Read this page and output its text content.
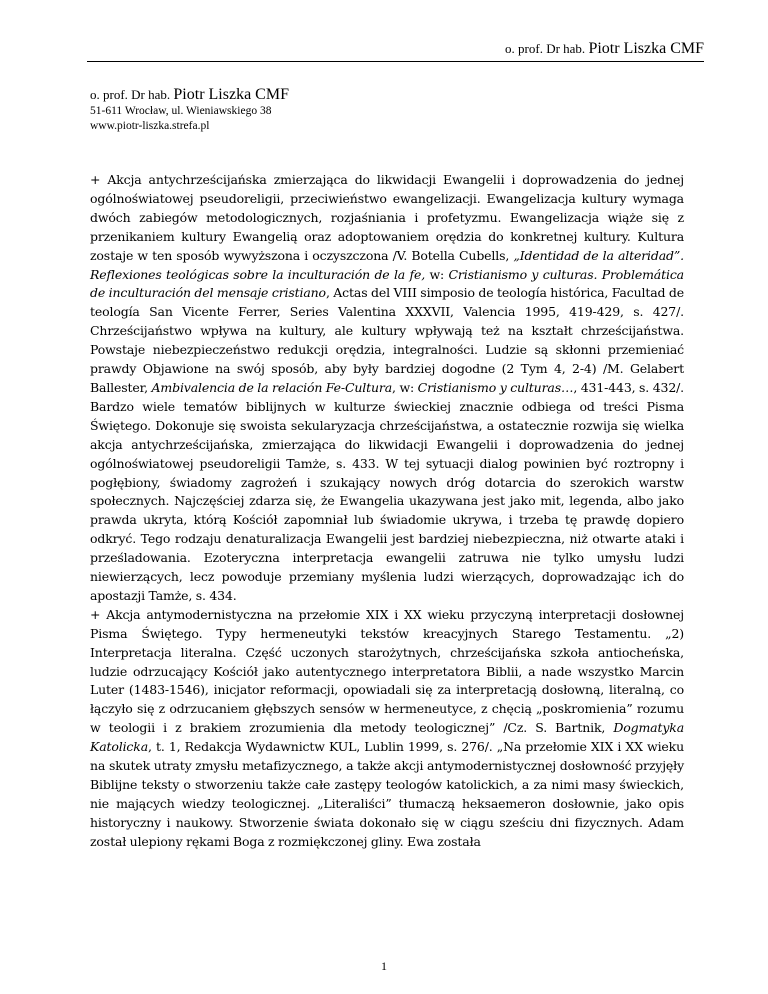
o. prof. Dr hab. Piotr Liszka CMF
o. prof. Dr hab. Piotr Liszka CMF
51-611 Wrocław, ul. Wieniawskiego 38
www.piotr-liszka.strefa.pl

+ Akcja antychrześcijańska zmierzająca do likwidacji Ewangelii i doprowadzenia do jednej ogólnoświatowej pseudoreligii, przeciwieństwo ewangelizacji. Ewangelizacja kultury wymaga dwóch zabiegów metodologicznych, rozjaśniania i profetyzmu. Ewangelizacja wiąże się z przenikaniem kultury Ewangelią oraz adoptowaniem orędzia do konkretnej kultury. Kultura zostaje w ten sposób wywyższona i oczyszczona /V. Botella Cubells, „Identidad de la alteridad”. Reflexiones teológicas sobre la inculturación de la fe, w: Cristianismo y culturas. Problemática de inculturación del mensaje cristiano, Actas del VIII simposio de teología histórica, Facultad de teología San Vicente Ferrer, Series Valentina XXXVII, Valencia 1995, 419-429, s. 427/. Chrześcijaństwo wpływa na kultury, ale kultury wpływają też na kształt chrześcijaństwa. Powstaje niebezpieczeństwo redukcji orędzia, integralności. Ludzie są skłonni przemieniać prawdy Objawione na swój sposób, aby były bardziej dogodne (2 Tym 4, 2-4) /M. Gelabert Ballester, Ambivalencia de la relación Fe-Cultura, w: Cristianismo y culturas…, 431-443, s. 432/. Bardzo wiele tematów biblijnych w kulturze świeckiej znacznie odbiega od treści Pisma Świętego. Dokonuje się swoista sekularyzacja chrześcijaństwa, a ostatecznie rozwija się wielka akcja antychrześcijańska, zmierzająca do likwidacji Ewangelii i doprowadzenia do jednej ogólnoświatowej pseudoreligii Tamże, s. 433. W tej sytuacji dialog powinien być roztropny i pogłębiony, świadomy zagrożeń i szukający nowych dróg dotarcia do szerokich warstw społecznych. Najczęściej zdarza się, że Ewangelia ukazywana jest jako mit, legenda, albo jako prawda ukryta, którą Kościół zapomniał lub świadomie ukrywa, i trzeba tę prawdę dopiero odkryć. Tego rodzaju denaturalizacja Ewangelii jest bardziej niebezpieczna, niż otwarte ataki i prześladowania. Ezoteryczna interpretacja ewangelii zatruwa nie tylko umysłu ludzi niewierzących, lecz powoduje przemiany myślenia ludzi wierzących, doprowadzając ich do apostazji Tamże, s. 434.

+ Akcja antymodernistyczna na przełomie XIX i XX wieku przyczyną interpretacji dosłownej Pisma Świętego. Typy hermeneutyki tekstów kreacyjnych Starego Testamentu. „2) Interpretacja literalna. Część uczonych starożytnych, chrześcijańska szkoła antiocheńska, ludzie odrzucający Kościół jako autentycznego interpretatora Biblii, a nade wszystko Marcin Luter (1483-1546), inicjator reformacji, opowiadali się za interpretacją dosłowną, literalną, co łączyło się z odrzucaniem głębszych sensów w hermeneutyce, z chęcią „poskromienia” rozumu w teologii i z brakiem zrozumienia dla metody teologicznej” /Cz. S. Bartnik, Dogmatyka Katolicka, t. 1, Redakcja Wydawnictw KUL, Lublin 1999, s. 276/. „Na przełomie XIX i XX wieku na skutek utraty zmysłu metafizycznego, a także akcji antymodernistycznej dosłowność przyjęły Biblijne teksty o stworzeniu także całe zastępy teologów katolickich, a za nimi masy świeckich, nie mających wiedzy teologicznej. „Literaliści” tłumaczą heksaemeron dosłownie, jako opis historyczny i naukowy. Stworzenie świata dokonało się w ciągu sześciu dni fizycznych. Adam został ulepiony rękami Boga z rozmiękczonej gliny. Ewa została

1
